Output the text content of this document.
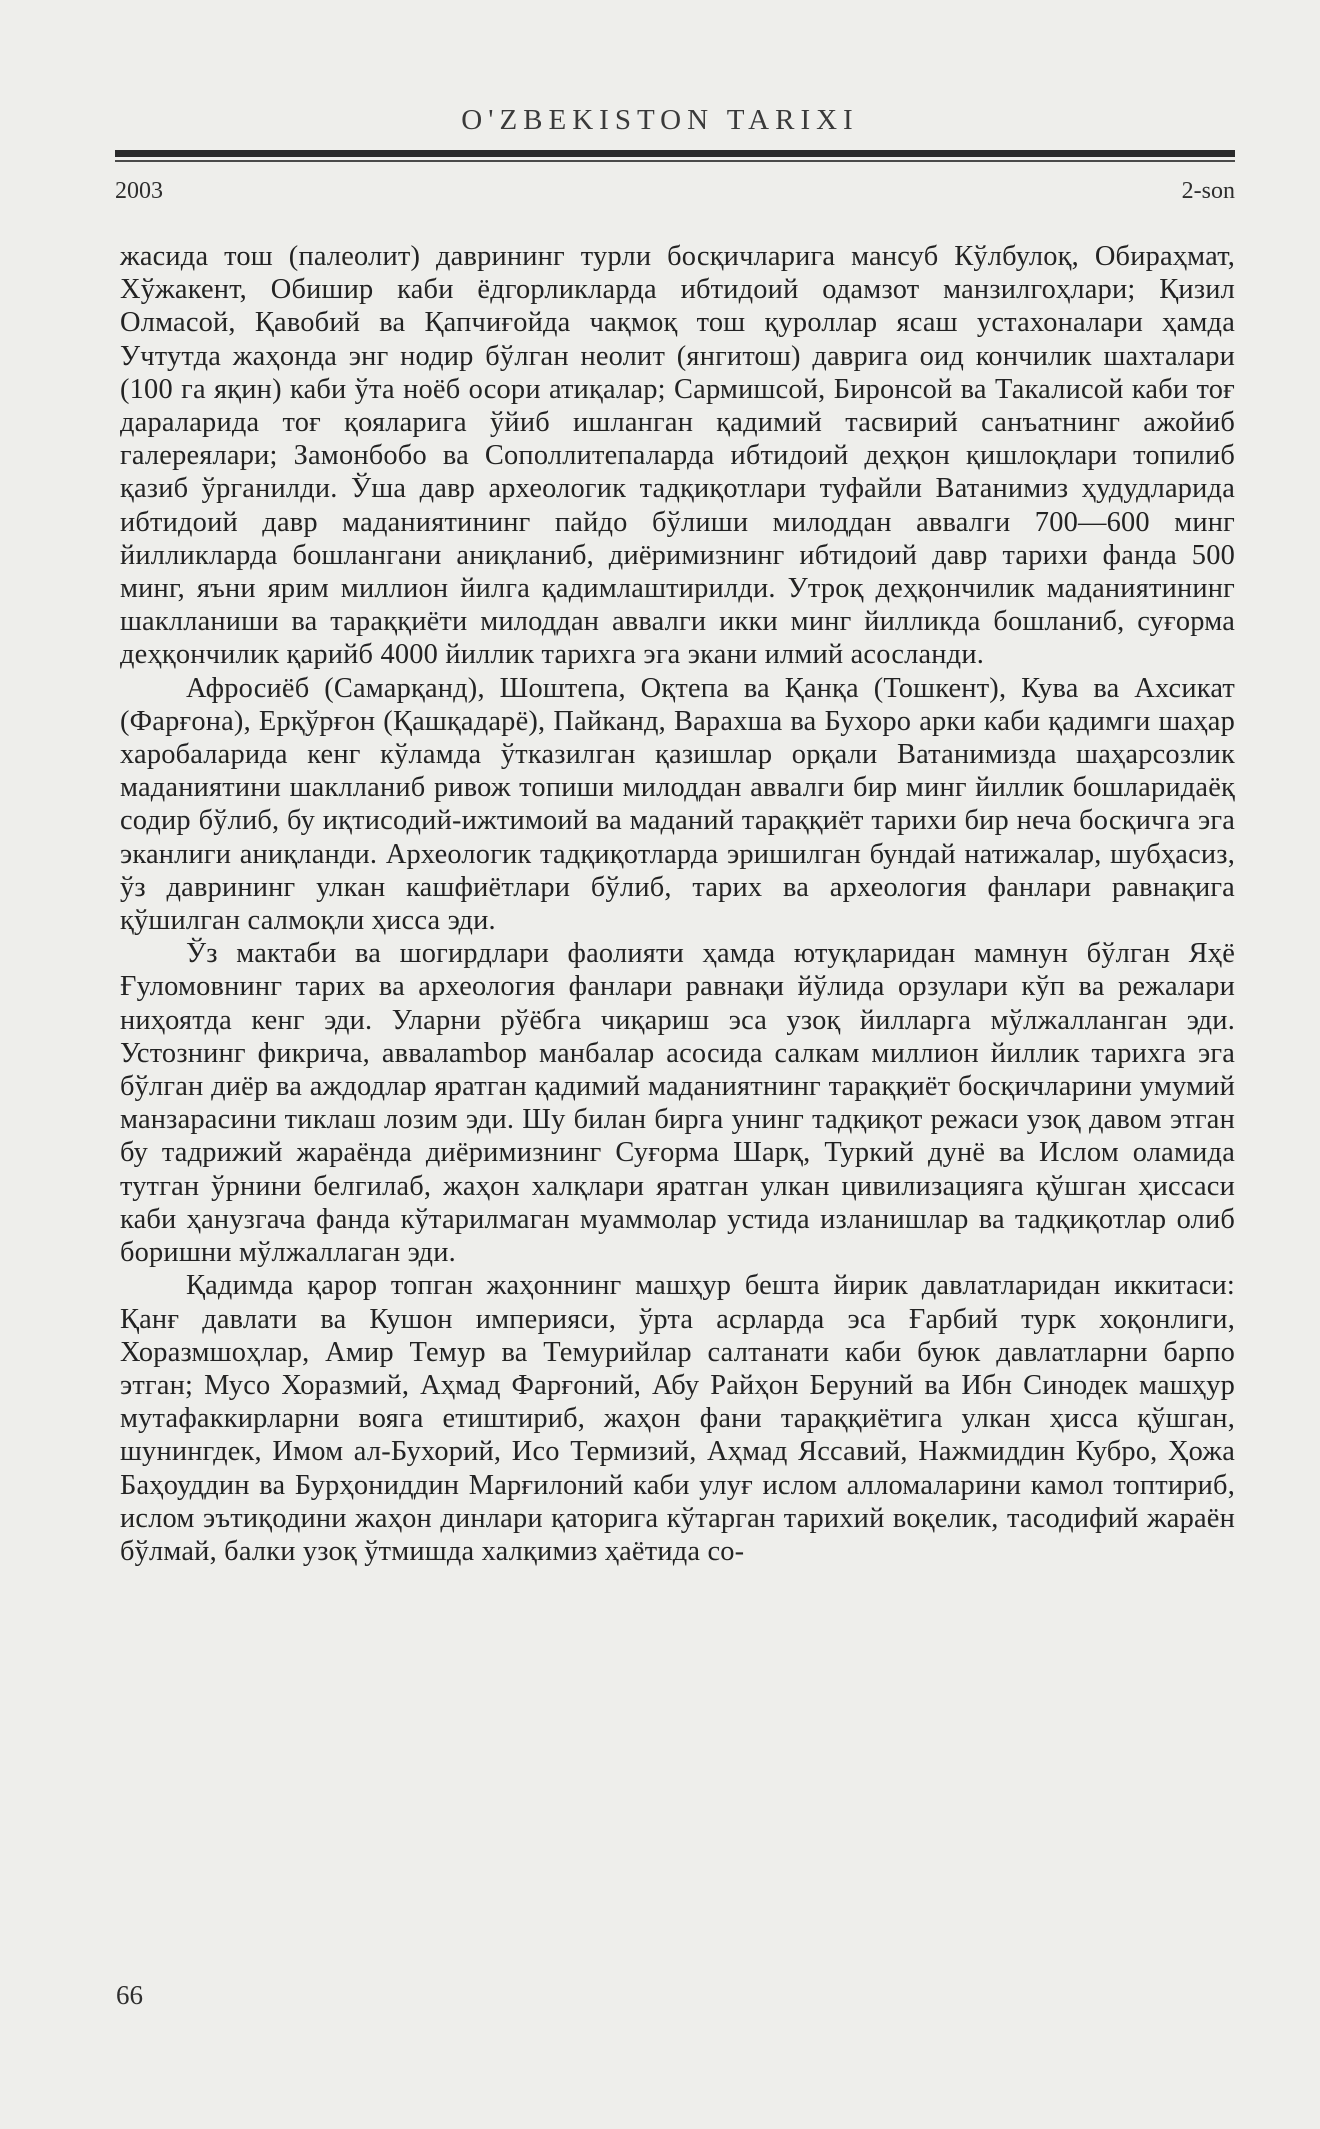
O'ZBEKISTON TARIXI
2003	2-son

жасида тош (палеолит) даврининг турли босқичларига мансуб Кўлбулоқ, Обираҳмат, Хўжакент, Обишир каби ёдгорликларда ибтидоий одамзот манзилгоҳлари; Қизил Олмасой, Қавобий ва Қапчиғойда чақмоқ тош қуроллар ясаш устахоналари ҳамда Учтутда жаҳонда энг нодир бўлган неолит (янгитош) даврига оид кончилик шахталари (100 га яқин) каби ўта ноёб осори атиқалар; Сармишсой, Биронсой ва Такалисой каби тоғ дараларида тоғ қояларига ўйиб ишланган қадимий тасвирий санъатнинг ажойиб галереялари; Замонбобо ва Сополлитепаларда ибтидоий деҳқон қишлоқлари топилиб қазиб ўрганилди. Ўша давр археологик тадқиқотлари туфайли Ватанимиз ҳудудларида ибтидоий давр маданиятининг пайдо бўлиши милоддан аввалги 700—600 минг йилликларда бошлангани аниқланиб, диёримизнинг ибтидоий давр тарихи фанда 500 минг, яъни ярим миллион йилга қадимлаштирилди. Утроқ деҳқончилик маданиятининг шаклланиши ва тараққиёти милоддан аввалги икки минг йилликда бошланиб, суғорма деҳқончилик қарийб 4000 йиллик тарихга эга экани илмий асосланди.

Афросиёб (Самарқанд), Шоштепа, Оқтепа ва Қанқа (Тошкент), Кува ва Ахсикат (Фарғона), Ерқўрғон (Қашқадарё), Пайканд, Варахша ва Бухоро арки каби қадимги шаҳар харобаларида кенг кўламда ўтказилган қазишлар орқали Ватанимизда шаҳарсозлик маданиятини шаклланиб ривож топиши милоддан аввалги бир минг йиллик бошларидаёқ содир бўлиб, бу иқтисодий-ижтимоий ва маданий тараққиёт тарихи бир неча босқичга эга эканлиги аниқланди. Археологик тадқиқотларда эришилган бундай натижалар, шубҳасиз, ўз даврининг улкан кашфиётлари бўлиб, тарих ва археология фанлари равнақига қўшилган салмоқли ҳисса эди.

Ўз мактаби ва шогирдлари фаолияти ҳамда ютуқларидан мамнун бўлган Яҳё Ғуломовнинг тарих ва археология фанлари равнақи йўлида орзулари кўп ва режалари ниҳоятда кенг эди. Уларни рўёбга чиқариш эса узоқ йилларга мўлжалланган эди. Устознинг фикрича, аввалambор манбалар асосида салкам миллион йиллик тарихга эга бўлган диёр ва аждодлар яратган қадимий маданиятнинг тараққиёт босқичларини умумий манзарасини тиклаш лозим эди. Шу билан бирга унинг тадқиқот режаси узоқ давом этган бу тадрижий жараёнда диёримизнинг Суғорма Шарқ, Туркий дунё ва Ислом оламида тутган ўрнини белгилаб, жаҳон халқлари яратган улкан цивилизацияга қўшган ҳиссаси каби ҳанузгача фанда кўтарилмаган муаммолар устида изланишлар ва тадқиқотлар олиб боришни мўлжаллаган эди.

Қадимда қарор топган жаҳоннинг машҳур бешта йирик давлатларидан иккитаси: Қанғ давлати ва Кушон империяси, ўрта асрларда эса Ғарбий турк хоқонлиги, Хоразмшоҳлар, Амир Темур ва Темурийлар салтанати каби буюк давлатларни барпо этган; Мусо Хоразмий, Аҳмад Фарғоний, Абу Райҳон Беруний ва Ибн Синодек машҳур мутафаккирларни вояга етиштириб, жаҳон фани тараққиётига улкан ҳисса қўшган, шунингдек, Имом ал-Бухорий, Исо Термизий, Аҳмад Яссавий, Нажмиддин Кубро, Ҳожа Баҳоуддин ва Бурҳониддин Марғилоний каби улуғ ислом алломаларини камол топтириб, ислом эътиқодини жаҳон динлари қаторига кўтарган тарихий воқелик, тасодифий жараён бўлмай, балки узоқ ўтмишда халқимиз ҳаётида со-

66
